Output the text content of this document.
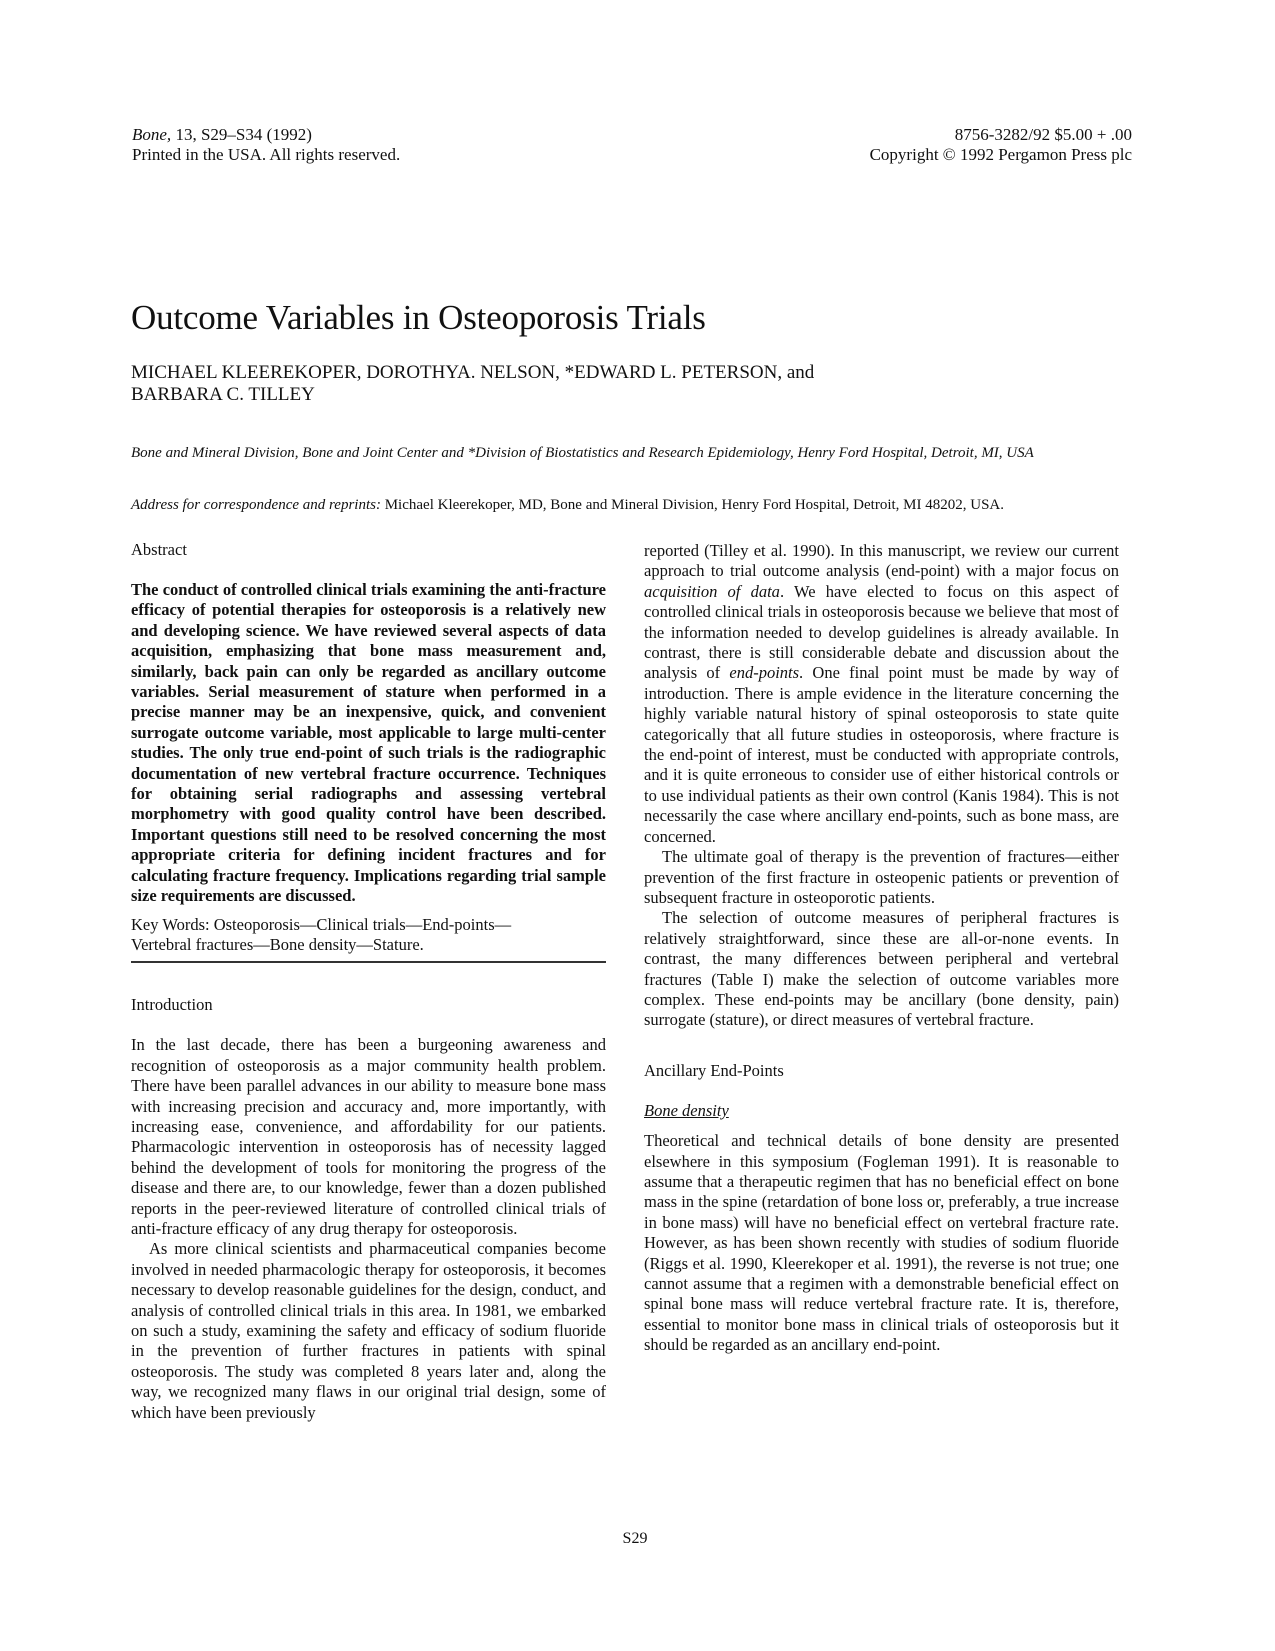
Bone, 13, S29–S34 (1992)
Printed in the USA. All rights reserved.
8756-3282/92 $5.00 + .00
Copyright © 1992 Pergamon Press plc
Outcome Variables in Osteoporosis Trials
MICHAEL KLEEREKOPER, DOROTHYA. NELSON, *EDWARD L. PETERSON, and
BARBARA C. TILLEY
Bone and Mineral Division, Bone and Joint Center and *Division of Biostatistics and Research Epidemiology, Henry Ford Hospital, Detroit, MI, USA
Address for correspondence and reprints: Michael Kleerekoper, MD, Bone and Mineral Division, Henry Ford Hospital, Detroit, MI 48202, USA.
Abstract

The conduct of controlled clinical trials examining the anti-fracture efficacy of potential therapies for osteoporosis is a relatively new and developing science. We have reviewed several aspects of data acquisition, emphasizing that bone mass measurement and, similarly, back pain can only be regarded as ancillary outcome variables. Serial measurement of stature when performed in a precise manner may be an inexpensive, quick, and convenient surrogate outcome variable, most applicable to large multi-center studies. The only true end-point of such trials is the radiographic documentation of new vertebral fracture occurrence. Techniques for obtaining serial radiographs and assessing vertebral morphometry with good quality control have been described. Important questions still need to be resolved concerning the most appropriate criteria for defining incident fractures and for calculating fracture frequency. Implications regarding trial sample size requirements are discussed.

Key Words: Osteoporosis—Clinical trials—End-points—
Vertebral fractures—Bone density—Stature.
Introduction

In the last decade, there has been a burgeoning awareness and recognition of osteoporosis as a major community health problem. There have been parallel advances in our ability to measure bone mass with increasing precision and accuracy and, more importantly, with increasing ease, convenience, and affordability for our patients. Pharmacologic intervention in osteoporosis has of necessity lagged behind the development of tools for monitoring the progress of the disease and there are, to our knowledge, fewer than a dozen published reports in the peer-reviewed literature of controlled clinical trials of anti-fracture efficacy of any drug therapy for osteoporosis.

As more clinical scientists and pharmaceutical companies become involved in needed pharmacologic therapy for osteoporosis, it becomes necessary to develop reasonable guidelines for the design, conduct, and analysis of controlled clinical trials in this area. In 1981, we embarked on such a study, examining the safety and efficacy of sodium fluoride in the prevention of further fractures in patients with spinal osteoporosis. The study was completed 8 years later and, along the way, we recognized many flaws in our original trial design, some of which have been previously

reported (Tilley et al. 1990). In this manuscript, we review our current approach to trial outcome analysis (end-point) with a major focus on acquisition of data. We have elected to focus on this aspect of controlled clinical trials in osteoporosis because we believe that most of the information needed to develop guidelines is already available. In contrast, there is still considerable debate and discussion about the analysis of end-points. One final point must be made by way of introduction. There is ample evidence in the literature concerning the highly variable natural history of spinal osteoporosis to state quite categorically that all future studies in osteoporosis, where fracture is the end-point of interest, must be conducted with appropriate controls, and it is quite erroneous to consider use of either historical controls or to use individual patients as their own control (Kanis 1984). This is not necessarily the case where ancillary end-points, such as bone mass, are concerned.

The ultimate goal of therapy is the prevention of fractures—either prevention of the first fracture in osteopenic patients or prevention of subsequent fracture in osteoporotic patients.

The selection of outcome measures of peripheral fractures is relatively straightforward, since these are all-or-none events. In contrast, the many differences between peripheral and vertebral fractures (Table I) make the selection of outcome variables more complex. These end-points may be ancillary (bone density, pain) surrogate (stature), or direct measures of vertebral fracture.

Ancillary End-Points
Bone density

Theoretical and technical details of bone density are presented elsewhere in this symposium (Fogleman 1991). It is reasonable to assume that a therapeutic regimen that has no beneficial effect on bone mass in the spine (retardation of bone loss or, preferably, a true increase in bone mass) will have no beneficial effect on vertebral fracture rate. However, as has been shown recently with studies of sodium fluoride (Riggs et al. 1990, Kleerekoper et al. 1991), the reverse is not true; one cannot assume that a regimen with a demonstrable beneficial effect on spinal bone mass will reduce vertebral fracture rate. It is, therefore, essential to monitor bone mass in clinical trials of osteoporosis but it should be regarded as an ancillary end-point.

S29
